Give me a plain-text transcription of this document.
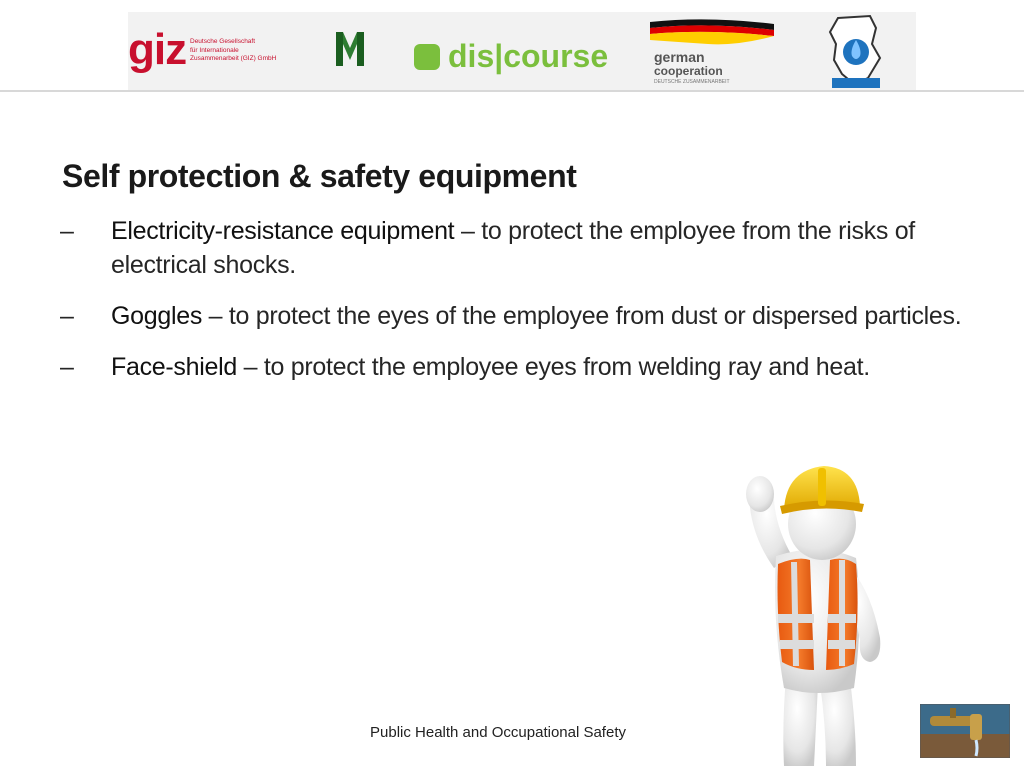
giz Deutsche Gesellschaft
für Internationale
Zusammenarbeit (GIZ) GmbH	dis|course	german
cooperation
DEUTSCHE ZUSAMMENARBEIT
Self protection & safety equipment
– Electricity-resistance equipment – to protect the employee from the risks of electrical shocks.
– Goggles – to protect the eyes of the employee from dust or dispersed particles.
– Face-shield – to protect the employee eyes from welding ray and heat.
Public Health and Occupational Safety
